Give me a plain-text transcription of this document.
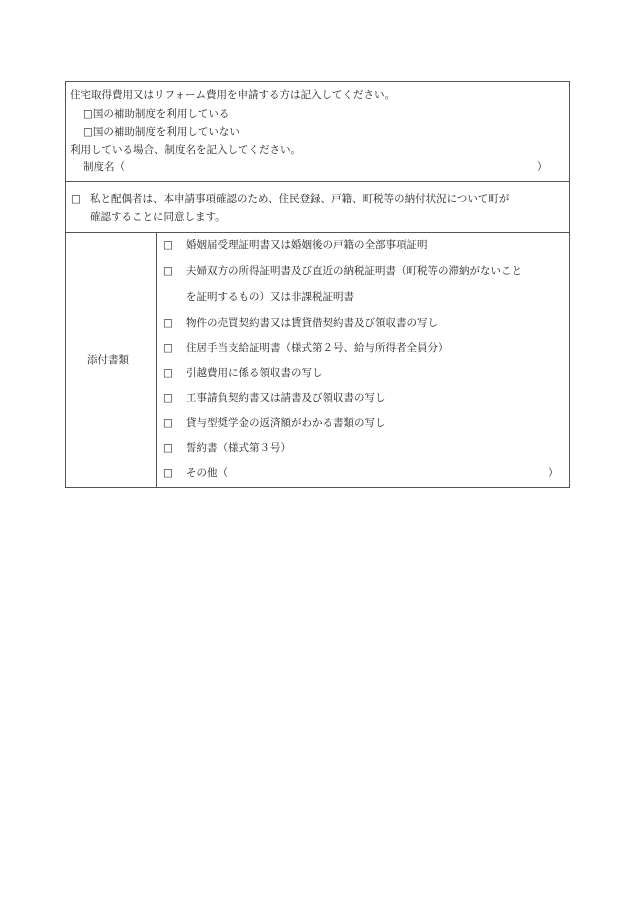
住宅取得費用又はリフォーム費用を申請する方は記入してください。
□国の補助制度を利用している
□国の補助制度を利用していない
利用している場合、制度名を記入してください。
制度名（	）
□ 私と配偶者は、本申請事項確認のため、住民登録、戸籍、町税等の納付状況について町が
確認することに同意します。
添付書類
□ 婚姻届受理証明書又は婚姻後の戸籍の全部事項証明
□ 夫婦双方の所得証明書及び直近の納税証明書（町税等の滞納がないこと
を証明するもの）又は非課税証明書
□ 物件の売買契約書又は賃貸借契約書及び領収書の写し
□ 住居手当支給証明書（様式第２号、給与所得者全員分）
□ 引越費用に係る領収書の写し
□ 工事請負契約書又は請書及び領収書の写し
□ 貸与型奨学金の返済額がわかる書類の写し
□ 誓約書（様式第３号）
□ その他（	）
